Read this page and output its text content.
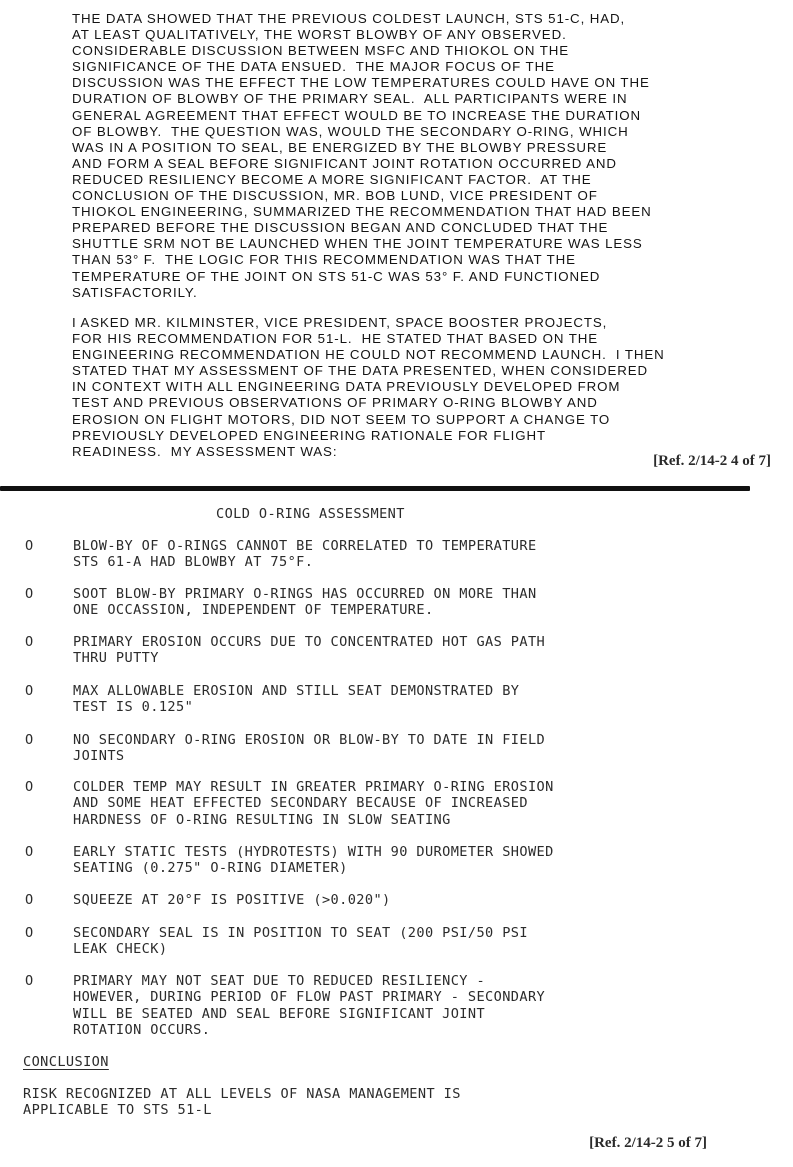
THE DATA SHOWED THAT THE PREVIOUS COLDEST LAUNCH, STS 51-C, HAD,
AT LEAST QUALITATIVELY, THE WORST BLOWBY OF ANY OBSERVED.
CONSIDERABLE DISCUSSION BETWEEN MSFC AND THIOKOL ON THE
SIGNIFICANCE OF THE DATA ENSUED.  THE MAJOR FOCUS OF THE
DISCUSSION WAS THE EFFECT THE LOW TEMPERATURES COULD HAVE ON THE
DURATION OF BLOWBY OF THE PRIMARY SEAL.  ALL PARTICIPANTS WERE IN
GENERAL AGREEMENT THAT EFFECT WOULD BE TO INCREASE THE DURATION
OF BLOWBY.  THE QUESTION WAS, WOULD THE SECONDARY O-RING, WHICH
WAS IN A POSITION TO SEAL, BE ENERGIZED BY THE BLOWBY PRESSURE
AND FORM A SEAL BEFORE SIGNIFICANT JOINT ROTATION OCCURRED AND
REDUCED RESILIENCY BECOME A MORE SIGNIFICANT FACTOR.  AT THE
CONCLUSION OF THE DISCUSSION, MR. BOB LUND, VICE PRESIDENT OF
THIOKOL ENGINEERING, SUMMARIZED THE RECOMMENDATION THAT HAD BEEN
PREPARED BEFORE THE DISCUSSION BEGAN AND CONCLUDED THAT THE
SHUTTLE SRM NOT BE LAUNCHED WHEN THE JOINT TEMPERATURE WAS LESS
THAN 53° F.  THE LOGIC FOR THIS RECOMMENDATION WAS THAT THE
TEMPERATURE OF THE JOINT ON STS 51-C WAS 53° F. AND FUNCTIONED
SATISFACTORILY.
I ASKED MR. KILMINSTER, VICE PRESIDENT, SPACE BOOSTER PROJECTS,
FOR HIS RECOMMENDATION FOR 51-L.  HE STATED THAT BASED ON THE
ENGINEERING RECOMMENDATION HE COULD NOT RECOMMEND LAUNCH.  I THEN
STATED THAT MY ASSESSMENT OF THE DATA PRESENTED, WHEN CONSIDERED
IN CONTEXT WITH ALL ENGINEERING DATA PREVIOUSLY DEVELOPED FROM
TEST AND PREVIOUS OBSERVATIONS OF PRIMARY O-RING BLOWBY AND
EROSION ON FLIGHT MOTORS, DID NOT SEEM TO SUPPORT A CHANGE TO
PREVIOUSLY DEVELOPED ENGINEERING RATIONALE FOR FLIGHT
READINESS.  MY ASSESSMENT WAS:
[Ref. 2/14-2 4 of 7]
COLD O-RING ASSESSMENT
O	BLOW-BY OF O-RINGS CANNOT BE CORRELATED TO TEMPERATURE
STS 61-A HAD BLOWBY AT 75°F.
O	SOOT BLOW-BY PRIMARY O-RINGS HAS OCCURRED ON MORE THAN
ONE OCCASSION, INDEPENDENT OF TEMPERATURE.
O	PRIMARY EROSION OCCURS DUE TO CONCENTRATED HOT GAS PATH
THRU PUTTY
O	MAX ALLOWABLE EROSION AND STILL SEAT DEMONSTRATED BY
TEST IS 0.125"
O	NO SECONDARY O-RING EROSION OR BLOW-BY TO DATE IN FIELD
JOINTS
O	COLDER TEMP MAY RESULT IN GREATER PRIMARY O-RING EROSION
AND SOME HEAT EFFECTED SECONDARY BECAUSE OF INCREASED
HARDNESS OF O-RING RESULTING IN SLOW SEATING
O	EARLY STATIC TESTS (HYDROTESTS) WITH 90 DUROMETER SHOWED
SEATING (0.275" O-RING DIAMETER)
O	SQUEEZE AT 20°F IS POSITIVE (>0.020")
O	SECONDARY SEAL IS IN POSITION TO SEAT (200 PSI/50 PSI
LEAK CHECK)
O	PRIMARY MAY NOT SEAT DUE TO REDUCED RESILIENCY -
HOWEVER, DURING PERIOD OF FLOW PAST PRIMARY - SECONDARY
WILL BE SEATED AND SEAL BEFORE SIGNIFICANT JOINT
ROTATION OCCURS.
CONCLUSION
RISK RECOGNIZED AT ALL LEVELS OF NASA MANAGEMENT IS
APPLICABLE TO STS 51-L
[Ref. 2/14-2 5 of 7]
